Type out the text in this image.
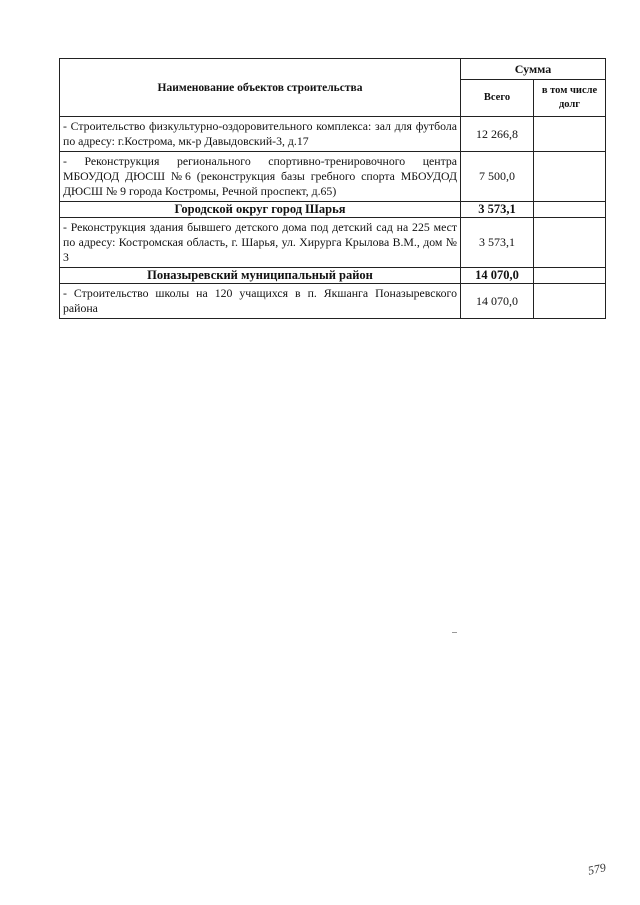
Наименование объектов строительства	Сумма	
	Всего	в том числе долг
- Строительство физкультурно-оздоровительного комплекса: зал для футбола по адресу: г.Кострома, мк-р Давыдовский-3, д.17	12 266,8	
- Реконструкция регионального спортивно-тренировочного центра МБОУДОД ДЮСШ №6 (реконструкция базы гребного спорта МБОУДОД ДЮСШ № 9 города Костромы, Речной проспект, д.65)	7 500,0	
Городской округ город Шарья	3 573,1	
- Реконструкция здания бывшего детского дома под детский сад на 225 мест по адресу: Костромская область, г. Шарья, ул. Хирурга Крылова В.М., дом № 3	3 573,1	
Поназыревский муниципальный район	14 070,0	
- Строительство школы на 120 учащихся в п. Якшанга Поназыревского района	14 070,0	
579
